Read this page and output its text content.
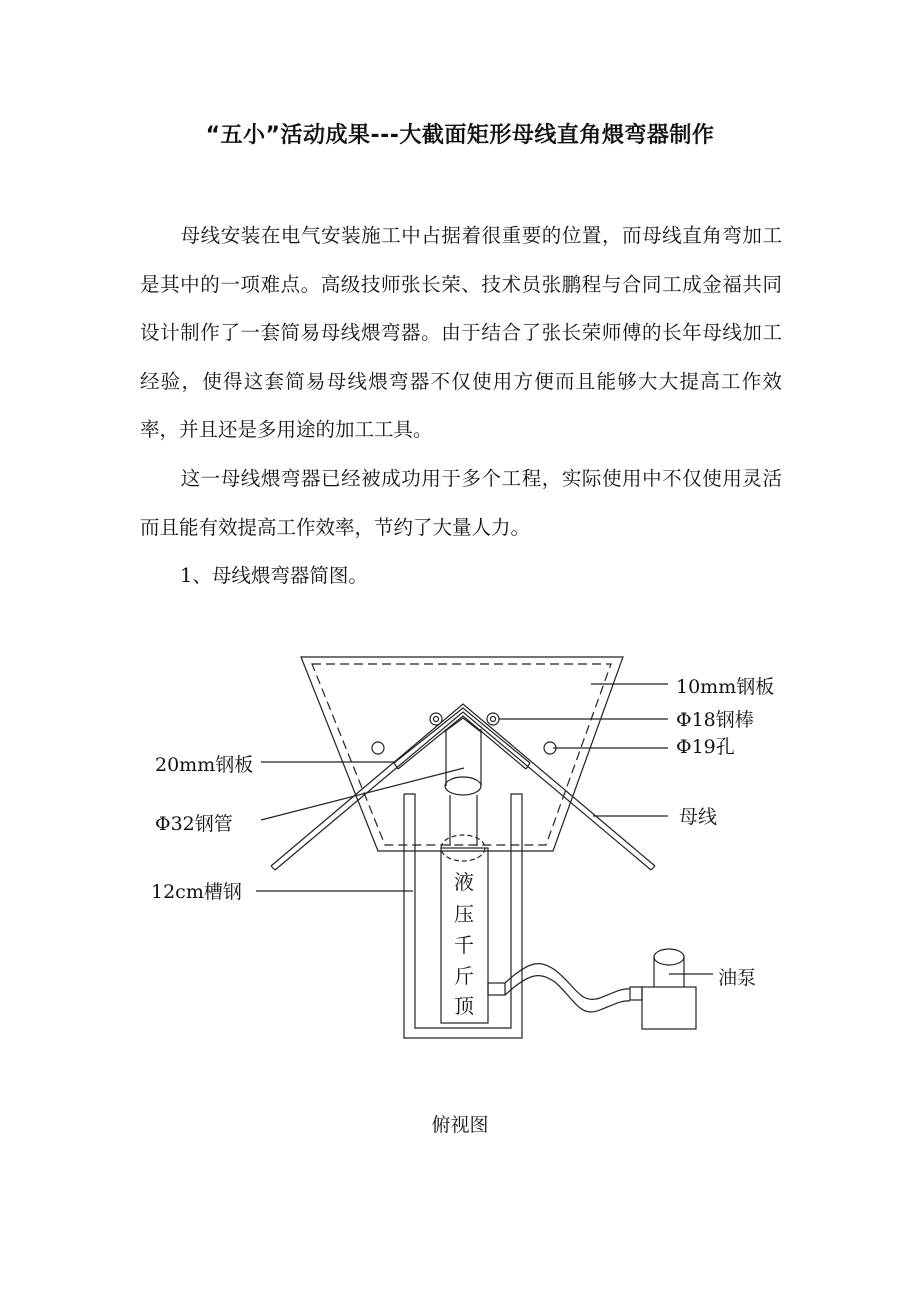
“五小”活动成果---大截面矩形母线直角煨弯器制作

母线安装在电气安装施工中占据着很重要的位置，而母线直角弯加工是其中的一项难点。高级技师张长荣、技术员张鹏程与合同工成金福共同设计制作了一套简易母线煨弯器。由于结合了张长荣师傅的长年母线加工经验，使得这套简易母线煨弯器不仅使用方便而且能够大大提高工作效率，并且还是多用途的加工工具。

这一母线煨弯器已经被成功用于多个工程，实际使用中不仅使用灵活而且能有效提高工作效率，节约了大量人力。

1、母线煨弯器简图。

10mm钢板
Φ18钢棒
Φ19孔
母线
油泵
20mm钢板
Φ32钢管
12cm槽钢	液
压
千
斤
顶
俯视图
